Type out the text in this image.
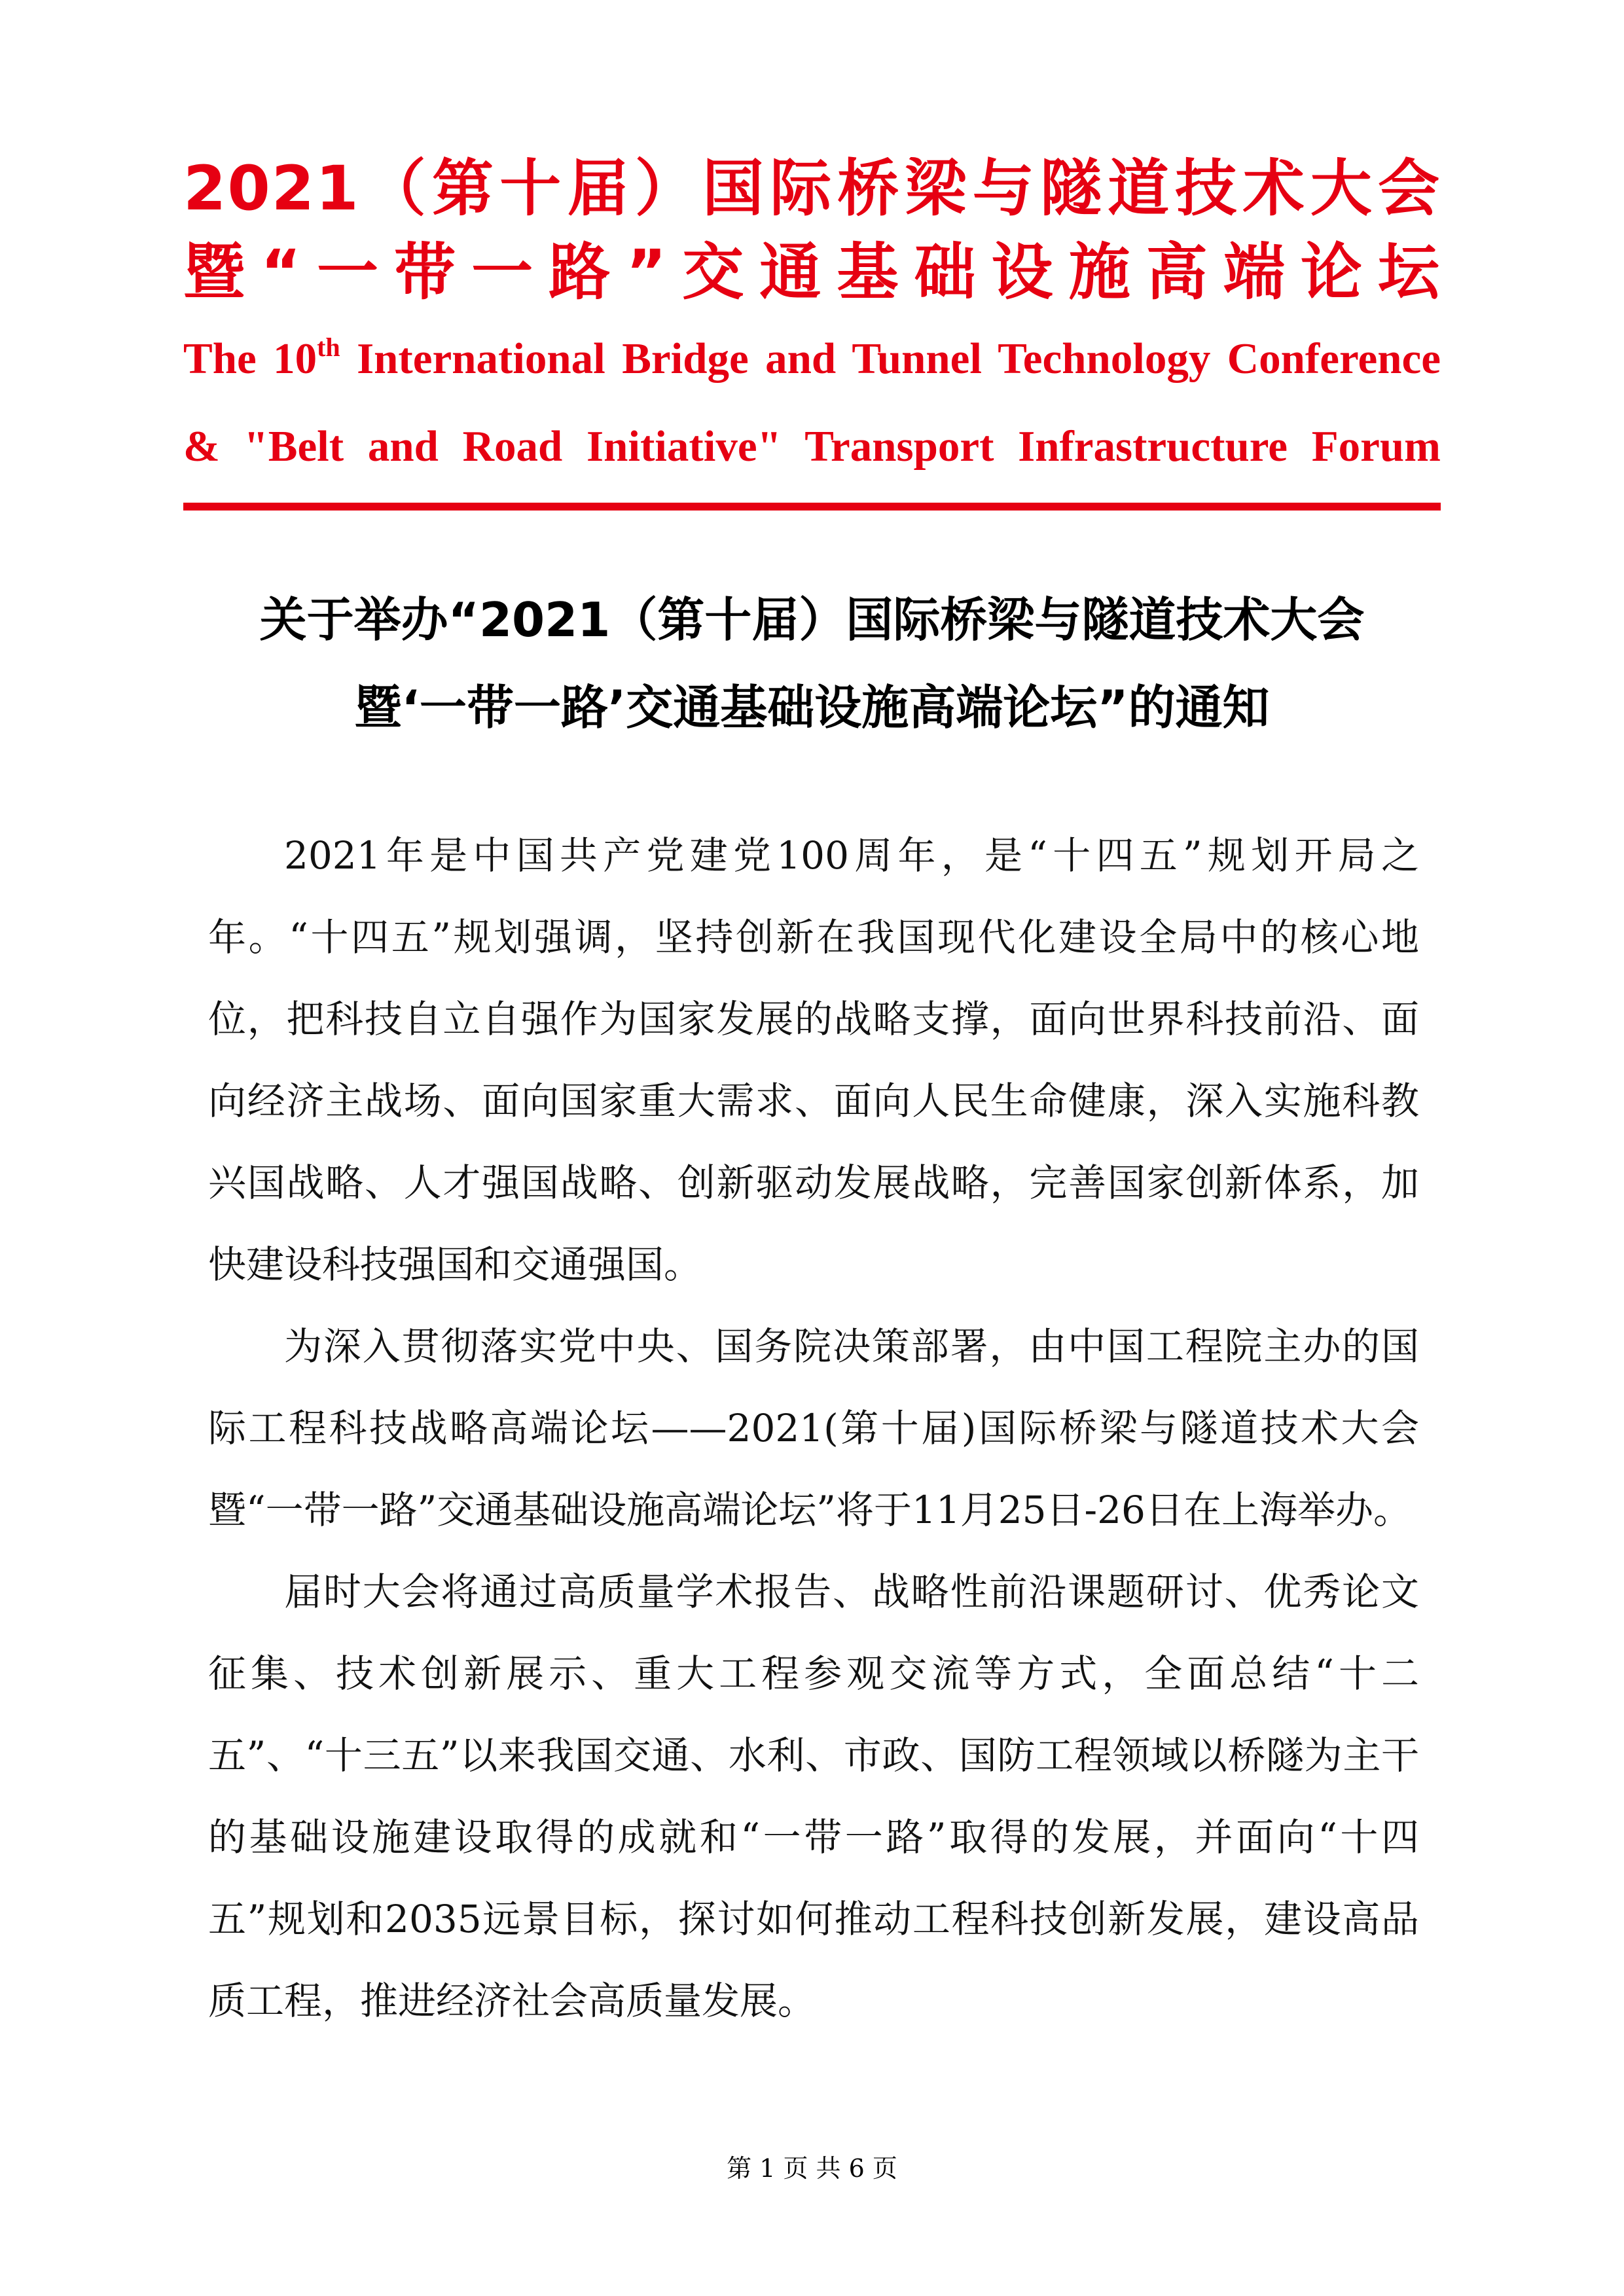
2021（第十届）国际桥梁与隧道技术大会

暨“一带一路”交通基础设施高端论坛

The 10th International Bridge and Tunnel Technology Conference

& "Belt and Road Initiative" Transport Infrastructure Forum

关于举办“2021（第十届）国际桥梁与隧道技术大会
暨‘一带一路’交通基础设施高端论坛”的通知

2021年是中国共产党建党100周年，是“十四五”规划开局之年。“十四五”规划强调，坚持创新在我国现代化建设全局中的核心地位，把科技自立自强作为国家发展的战略支撑，面向世界科技前沿、面向经济主战场、面向国家重大需求、面向人民生命健康，深入实施科教兴国战略、人才强国战略、创新驱动发展战略，完善国家创新体系，加快建设科技强国和交通强国。

为深入贯彻落实党中央、国务院决策部署，由中国工程院主办的国际工程科技战略高端论坛——2021(第十届)国际桥梁与隧道技术大会暨“一带一路”交通基础设施高端论坛”将于11月25日-26日在上海举办。

届时大会将通过高质量学术报告、战略性前沿课题研讨、优秀论文征集、技术创新展示、重大工程参观交流等方式，全面总结“十二五”、“十三五”以来我国交通、水利、市政、国防工程领域以桥隧为主干的基础设施建设取得的成就和“一带一路”取得的发展，并面向“十四五”规划和2035远景目标，探讨如何推动工程科技创新发展，建设高品质工程，推进经济社会高质量发展。

第 1 页 共 6 页
